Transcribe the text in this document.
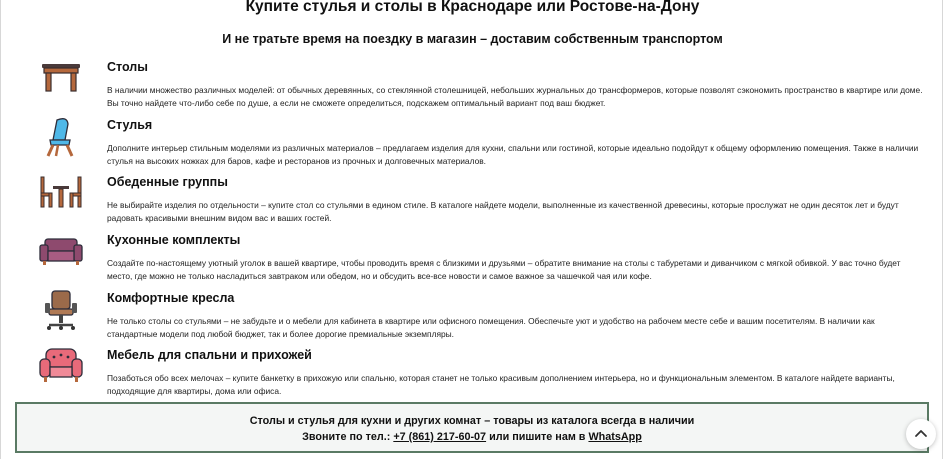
Купите стулья и столы в Краснодаре или Ростове-на-Дону
И не тратьте время на поездку в магазин – доставим собственным транспортом
Столы

В наличии множество различных моделей: от обычных деревянных, со стеклянной столешницей, небольших журнальных до трансформеров, которые позволят сэкономить пространство в квартире или доме. Вы точно найдете что-либо себе по душе, а если не сможете определиться, подскажем оптимальный вариант под ваш бюджет.

Стулья

Дополните интерьер стильным моделями из различных материалов – предлагаем изделия для кухни, спальни или гостиной, которые идеально подойдут к общему оформлению помещения. Также в наличии стулья на высоких ножках для баров, кафе и ресторанов из прочных и долговечных материалов.

Обеденные группы

Не выбирайте изделия по отдельности – купите стол со стульями в едином стиле. В каталоге найдете модели, выполненные из качественной древесины, которые прослужат не один десяток лет и будут радовать красивыми внешним видом вас и ваших гостей.

Кухонные комплекты

Создайте по-настоящему уютный уголок в вашей квартире, чтобы проводить время с близкими и друзьями – обратите внимание на столы с табуретами и диванчиком с мягкой обивкой. У вас точно будет место, где можно не только насладиться завтраком или обедом, но и обсудить все-все новости и самое важное за чашечкой чая или кофе.

Комфортные кресла

Не только столы со стульями – не забудьте и о мебели для кабинета в квартире или офисного помещения. Обеспечьте уют и удобство на рабочем месте себе и вашим посетителям. В наличии как стандартные модели под любой бюджет, так и более дорогие премиальные экземпляры.

Мебель для спальни и прихожей

Позаботься обо всех мелочах – купите банкетку в прихожую или спальню, которая станет не только красивым дополнением интерьера, но и функциональным элементом. В каталоге найдете варианты, подходящие для квартиры, дома или офиса.

Столы и стулья для кухни и других комнат – товары из каталога всегда в наличии
Звоните по тел.: +7 (861) 217-60-07 или пишите нам в WhatsApp
